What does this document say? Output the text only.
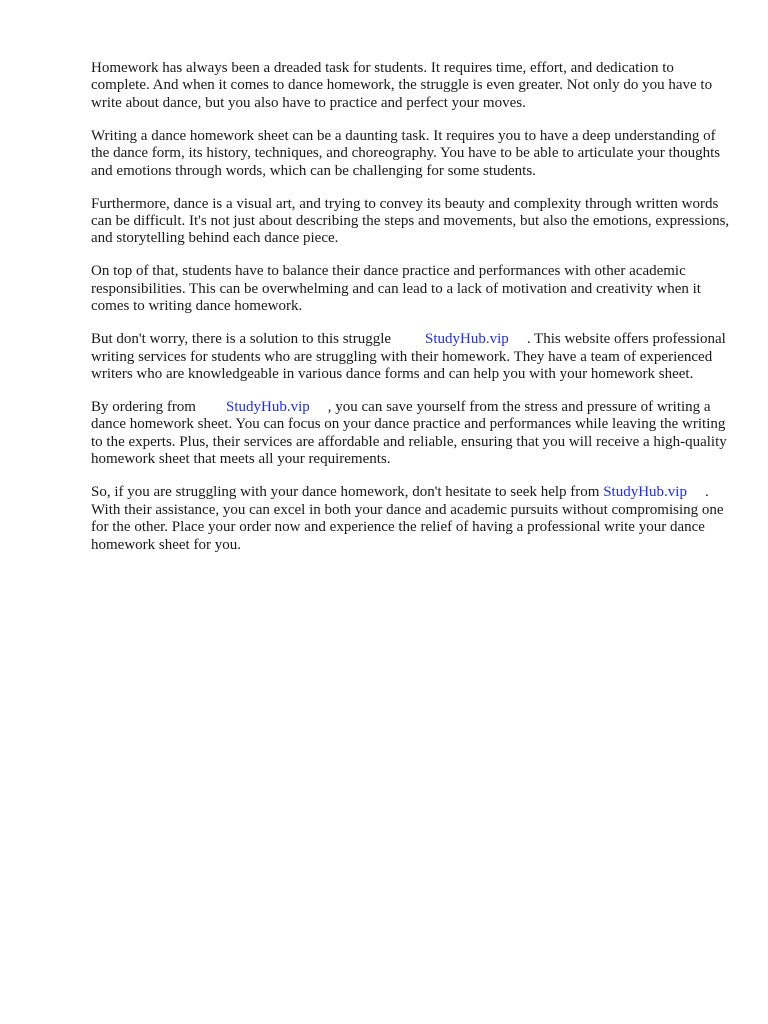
Homework has always been a dreaded task for students. It requires time, effort, and dedication to complete. And when it comes to dance homework, the struggle is even greater. Not only do you have to write about dance, but you also have to practice and perfect your moves.

Writing a dance homework sheet can be a daunting task. It requires you to have a deep understanding of the dance form, its history, techniques, and choreography. You have to be able to articulate your thoughts and emotions through words, which can be challenging for some students.

Furthermore, dance is a visual art, and trying to convey its beauty and complexity through written words can be difficult. It's not just about describing the steps and movements, but also the emotions, expressions, and storytelling behind each dance piece.

On top of that, students have to balance their dance practice and performances with other academic responsibilities. This can be overwhelming and can lead to a lack of motivation and creativity when it comes to writing dance homework.

But don't worry, there is a solution to this struggle StudyHub.vip . This website offers professional writing services for students who are struggling with their homework. They have a team of experienced writers who are knowledgeable in various dance forms and can help you with your homework sheet.

By ordering from StudyHub.vip , you can save yourself from the stress and pressure of writing a dance homework sheet. You can focus on your dance practice and performances while leaving the writing to the experts. Plus, their services are affordable and reliable, ensuring that you will receive a high-quality homework sheet that meets all your requirements.

So, if you are struggling with your dance homework, don't hesitate to seek help from StudyHub.vip . With their assistance, you can excel in both your dance and academic pursuits without compromising one for the other. Place your order now and experience the relief of having a professional write your dance homework sheet for you.
